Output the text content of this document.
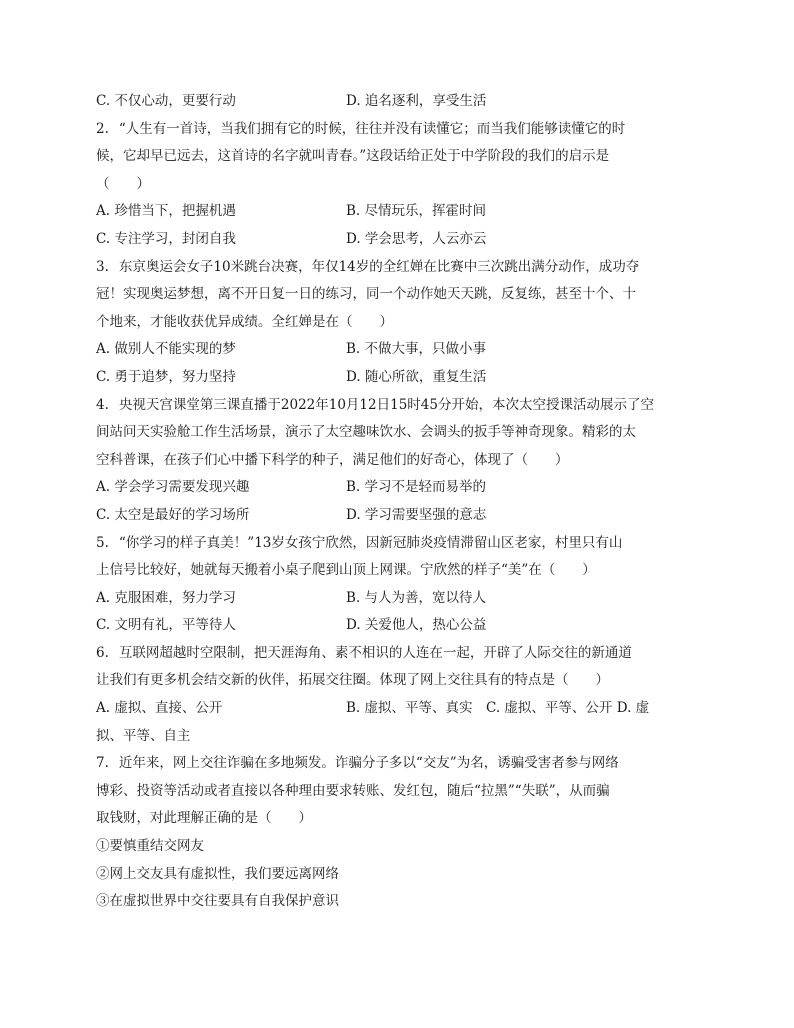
C. 不仅心动，更要行动	D. 追名逐利，享受生活
2. “人生有一首诗，当我们拥有它的时候，往往并没有读懂它；而当我们能够读懂它的时
候，它却早已远去，这首诗的名字就叫青春。”这段话给正处于中学阶段的我们的启示是
（　　）
A. 珍惜当下，把握机遇	B. 尽情玩乐，挥霍时间
C. 专注学习，封闭自我	D. 学会思考，人云亦云
3. 东京奥运会女子10米跳台决赛，年仅14岁的全红婵在比赛中三次跳出满分动作，成功夺
冠！实现奥运梦想，离不开日复一日的练习，同一个动作她天天跳，反复练，甚至十个、十
个地来，才能收获优异成绩。全红婵是在（　　）
A. 做别人不能实现的梦	B. 不做大事，只做小事
C. 勇于追梦，努力坚持	D. 随心所欲，重复生活
4. 央视天宫课堂第三课直播于2022年10月12日15时45分开始，本次太空授课活动展示了空
间站问天实验舱工作生活场景，演示了太空趣味饮水、会调头的扳手等神奇现象。精彩的太
空科普课，在孩子们心中播下科学的种子，满足他们的好奇心，体现了（　　）
A. 学会学习需要发现兴趣	B. 学习不是轻而易举的
C. 太空是最好的学习场所	D. 学习需要坚强的意志
5. “你学习的样子真美！”13岁女孩宁欣然，因新冠肺炎疫情滞留山区老家，村里只有山
上信号比较好，她就每天搬着小桌子爬到山顶上网课。宁欣然的样子“美”在（　　）
A. 克服困难，努力学习	B. 与人为善，宽以待人
C. 文明有礼，平等待人	D. 关爱他人，热心公益
6. 互联网超越时空限制，把天涯海角、素不相识的人连在一起，开辟了人际交往的新通道
让我们有更多机会结交新的伙伴，拓展交往圈。体现了网上交往具有的特点是（　　）
A. 虚拟、直接、公开	B. 虚拟、平等、真实　C. 虚拟、平等、公开 D. 虚
拟、平等、自主
7. 近年来，网上交往诈骗在多地频发。诈骗分子多以“交友”为名，诱骗受害者参与网络
博彩、投资等活动或者直接以各种理由要求转账、发红包，随后“拉黑”“失联”，从而骗
取钱财，对此理解正确的是（　　）
①要慎重结交网友
②网上交友具有虚拟性，我们要远离网络
③在虚拟世界中交往要具有自我保护意识
